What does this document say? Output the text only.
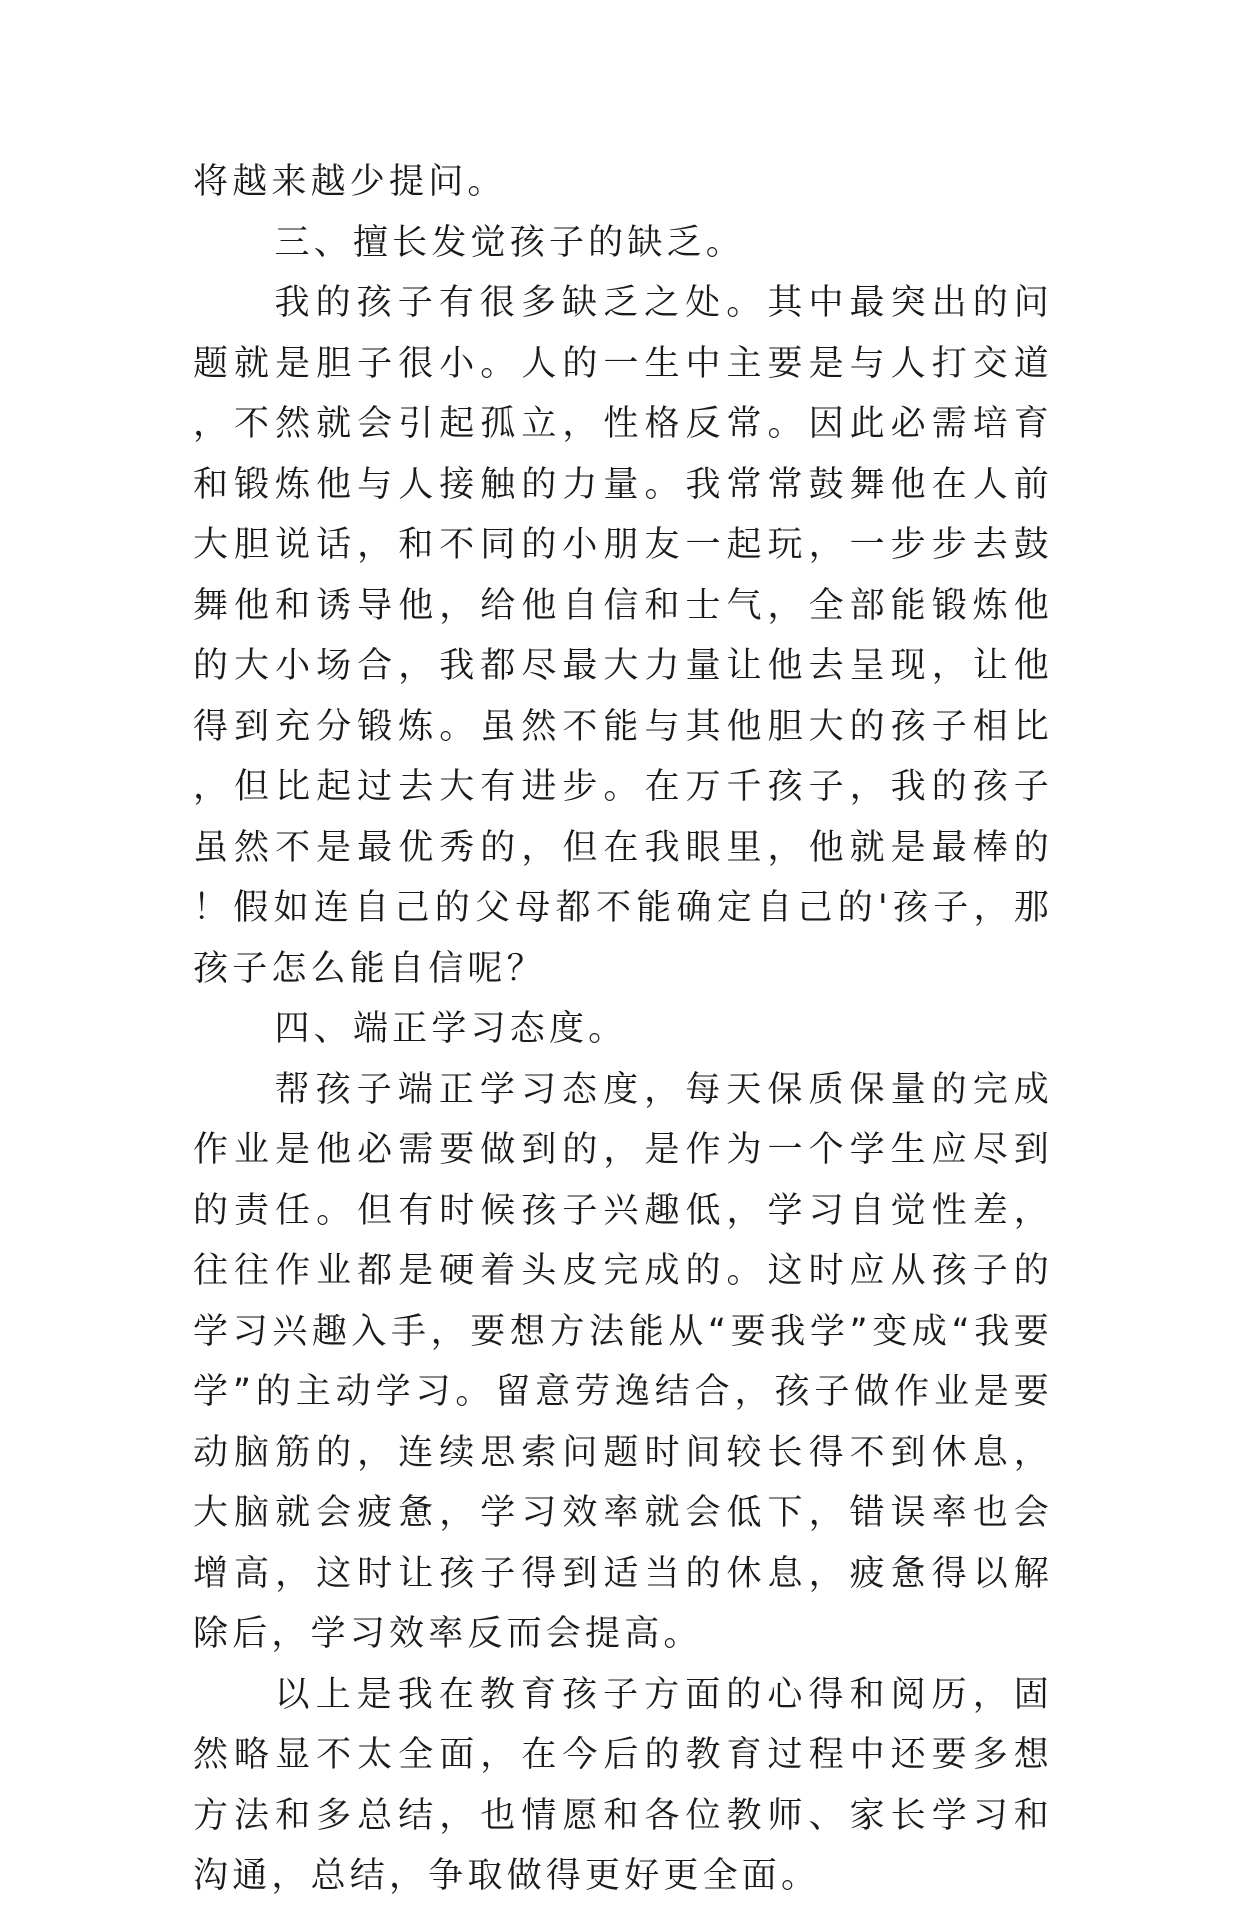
将越来越少提问。

三、擅长发觉孩子的缺乏。

我的孩子有很多缺乏之处。其中最突出的问题就是胆子很小。人的一生中主要是与人打交道，不然就会引起孤立，性格反常。因此必需培育和锻炼他与人接触的力量。我常常鼓舞他在人前大胆说话，和不同的小朋友一起玩，一步步去鼓舞他和诱导他，给他自信和士气，全部能锻炼他的大小场合，我都尽最大力量让他去呈现，让他得到充分锻炼。虽然不能与其他胆大的孩子相比，但比起过去大有进步。在万千孩子，我的孩子虽然不是最优秀的，但在我眼里，他就是最棒的！假如连自己的父母都不能确定自己的'孩子，那孩子怎么能自信呢？

四、端正学习态度。

帮孩子端正学习态度，每天保质保量的完成作业是他必需要做到的，是作为一个学生应尽到的责任。但有时候孩子兴趣低，学习自觉性差，往往作业都是硬着头皮完成的。这时应从孩子的学习兴趣入手，要想方法能从“要我学”变成“我要学”的主动学习。留意劳逸结合，孩子做作业是要动脑筋的，连续思索问题时间较长得不到休息，大脑就会疲惫，学习效率就会低下，错误率也会增高，这时让孩子得到适当的休息，疲惫得以解除后，学习效率反而会提高。

以上是我在教育孩子方面的心得和阅历，固然略显不太全面，在今后的教育过程中还要多想方法和多总结，也情愿和各位教师、家长学习和沟通，总结，争取做得更好更全面。
